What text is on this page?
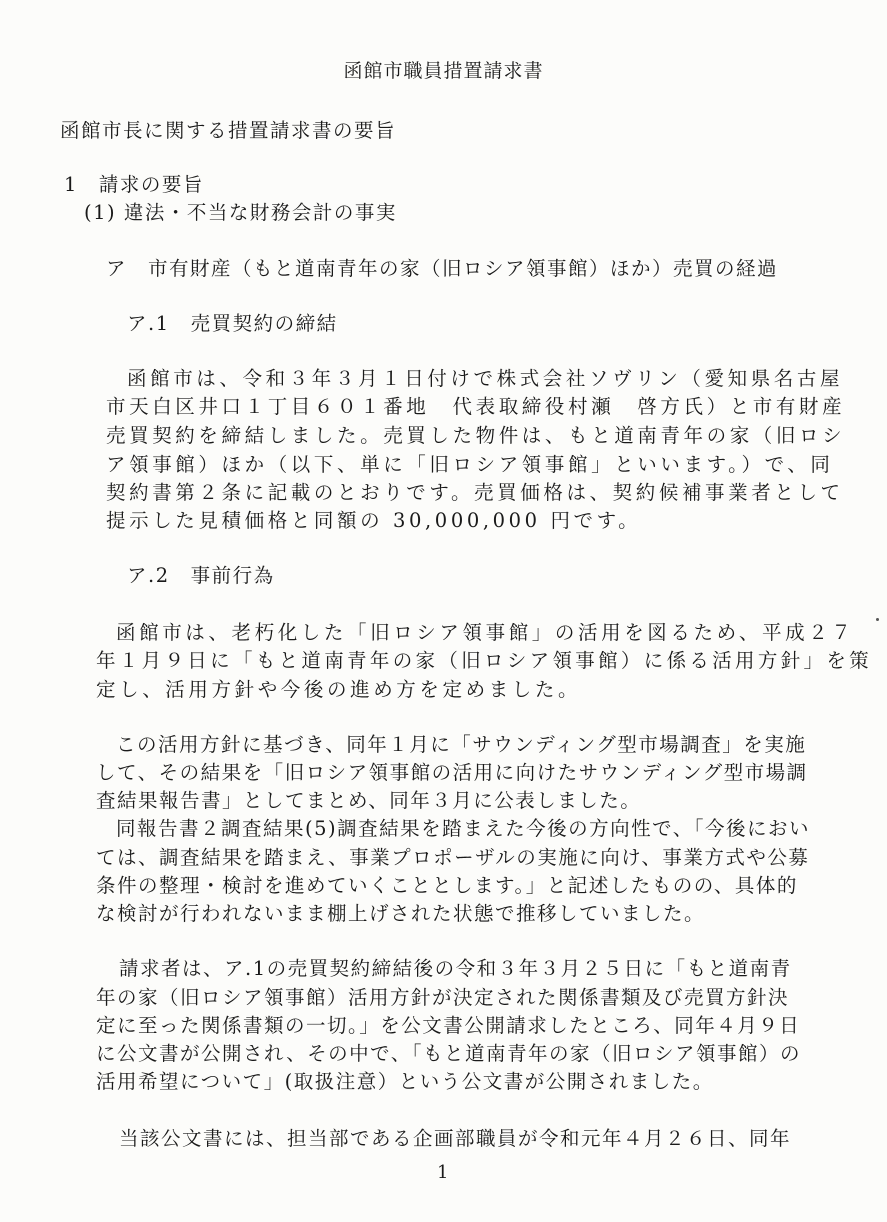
函館市職員措置請求書
函館市長に関する措置請求書の要旨
1　請求の要旨
(1) 違法・不当な財務会計の事実
ア　市有財産（もと道南青年の家（旧ロシア領事館）ほか）売買の経過
ア.1　売買契約の締結
函館市は、令和３年３月１日付けで株式会社ソヴリン（愛知県名古屋
市天白区井口１丁目６０１番地　代表取締役村瀬　啓方氏）と市有財産
売買契約を締結しました。売買した物件は、もと道南青年の家（旧ロシ
ア領事館）ほか（以下、単に「旧ロシア領事館」といいます。）で、同
契約書第２条に記載のとおりです。売買価格は、契約候補事業者として
提示した見積価格と同額の 30,000,000 円です。
ア.2　事前行為
函館市は、老朽化した「旧ロシア領事館」の活用を図るため、平成２７
年１月９日に「もと道南青年の家（旧ロシア領事館）に係る活用方針」を策
定し、活用方針や今後の進め方を定めました。
この活用方針に基づき、同年１月に「サウンディング型市場調査」を実施
して、その結果を「旧ロシア領事館の活用に向けたサウンディング型市場調
査結果報告書」としてまとめ、同年３月に公表しました。
同報告書２調査結果(5)調査結果を踏まえた今後の方向性で、「今後におい
ては、調査結果を踏まえ、事業プロポーザルの実施に向け、事業方式や公募
条件の整理・検討を進めていくこととします。」と記述したものの、具体的
な検討が行われないまま棚上げされた状態で推移していました。
請求者は、ア.1の売買契約締結後の令和３年３月２５日に「もと道南青
年の家（旧ロシア領事館）活用方針が決定された関係書類及び売買方針決
定に至った関係書類の一切。」を公文書公開請求したところ、同年４月９日
に公文書が公開され、その中で、「もと道南青年の家（旧ロシア領事館）の
活用希望について」(取扱注意）という公文書が公開されました。
当該公文書には、担当部である企画部職員が令和元年４月２６日、同年
1
